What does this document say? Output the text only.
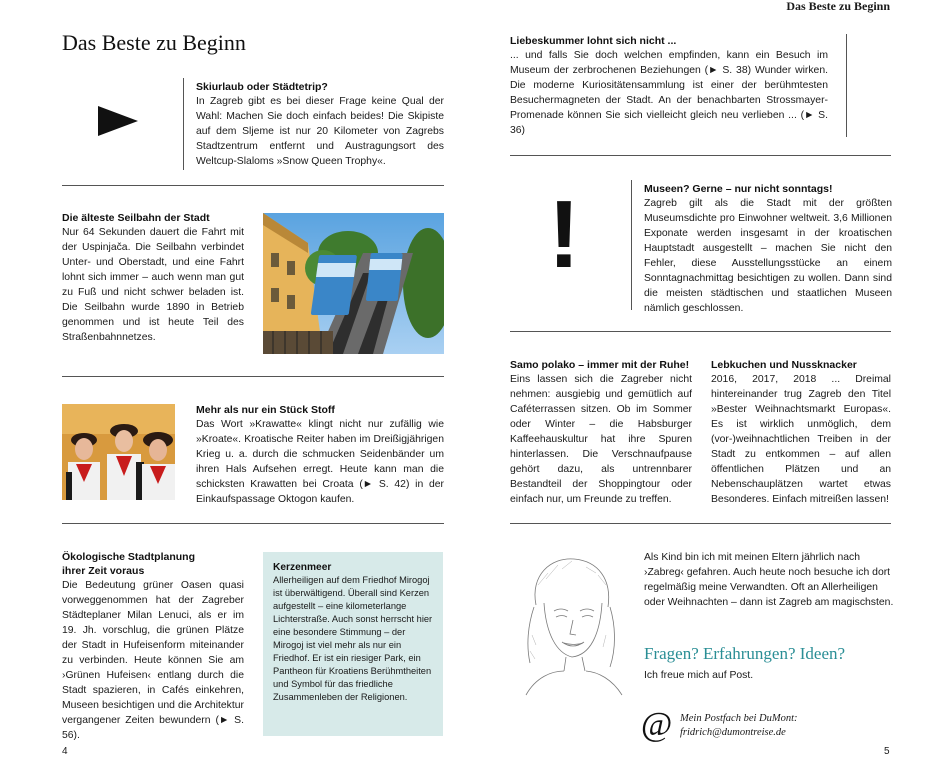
Das Beste zu Beginn
Das Beste zu Beginn
Skiurlaub oder Städtetrip?
In Zagreb gibt es bei dieser Frage keine Qual der Wahl: Machen Sie doch einfach beides! Die Skipiste auf dem Sljeme ist nur 20 Kilometer von Zagrebs Stadtzentrum entfernt und Austragungsort des Weltcup-Slaloms »Snow Queen Trophy«.
Die älteste Seilbahn der Stadt
Nur 64 Sekunden dauert die Fahrt mit der Uspinjača. Die Seilbahn verbindet Unter- und Oberstadt, und eine Fahrt lohnt sich immer – auch wenn man gut zu Fuß und nicht schwer beladen ist. Die Seilbahn wurde 1890 in Betrieb genommen und ist heute Teil des Straßenbahnnetzes.
Mehr als nur ein Stück Stoff
Das Wort »Krawatte« klingt nicht nur zufällig wie »Kroate«. Kroatische Reiter haben im Dreißigjährigen Krieg u. a. durch die schmucken Seidenbänder um ihren Hals Aufsehen erregt. Heute kann man die schicksten Krawatten bei Croata (► S. 42) in der Einkaufspassage Oktogon kaufen.
Ökologische Stadtplanung ihrer Zeit voraus
Die Bedeutung grüner Oasen quasi vorweggenommen hat der Zagreber Städteplaner Milan Lenuci, als er im 19. Jh. vorschlug, die grünen Plätze der Stadt in Hufeisenform miteinander zu verbinden. Heute können Sie am ›Grünen Hufeisen‹ entlang durch die Stadt spazieren, in Cafés einkehren, Museen besichtigen und die Architektur vergangener Zeiten bewundern (► S. 56).
Kerzenmeer
Allerheiligen auf dem Friedhof Mirogoj ist überwältigend. Überall sind Kerzen aufgestellt – eine kilometerlange Lichterstraße. Auch sonst herrscht hier eine besondere Stimmung – der Mirogoj ist viel mehr als nur ein Friedhof. Er ist ein riesiger Park, ein Pantheon für Kroatiens Berühmtheiten und Symbol für das friedliche Zusammenleben der Religionen.
4
Liebeskummer lohnt sich nicht ...
... und falls Sie doch welchen empfinden, kann ein Besuch im Museum der zerbrochenen Beziehungen (► S. 38) Wunder wirken. Die moderne Kuriositätensammlung ist einer der berühmtesten Besuchermagneten der Stadt. An der benachbarten Strossmayer-Promenade können Sie sich vielleicht gleich neu verlieben ... (► S. 36)
!	Museen? Gerne – nur nicht sonntags!
Zagreb gilt als die Stadt mit der größten Museumsdichte pro Einwohner weltweit. 3,6 Millionen Exponate werden insgesamt in der kroatischen Hauptstadt ausgestellt – machen Sie nicht den Fehler, diese Ausstellungsstücke an einem Sonntagnachmittag besichtigen zu wollen. Dann sind die meisten städtischen und staatlichen Museen nämlich geschlossen.
Samo polako – immer mit der Ruhe!
Eins lassen sich die Zagreber nicht nehmen: ausgiebig und gemütlich auf Caféterrassen sitzen. Ob im Sommer oder Winter – die Habsburger Kaffeehauskultur hat ihre Spuren hinterlassen. Die Verschnaufpause gehört dazu, als untrennbarer Bestandteil der Shoppingtour oder einfach nur, um Freunde zu treffen.
Lebkuchen und Nussknacker
2016, 2017, 2018 ... Dreimal hintereinander trug Zagreb den Titel »Bester Weihnachtsmarkt Europas«. Es ist wirklich unmöglich, dem (vor-)weihnachtlichen Treiben in der Stadt zu entkommen – auf allen öffentlichen Plätzen und an Nebenschauplätzen wartet etwas Besonderes. Einfach mitreißen lassen!
Als Kind bin ich mit meinen Eltern jährlich nach ›Zabreg‹ gefahren. Auch heute noch besuche ich dort regelmäßig meine Verwandten. Oft an Allerheiligen oder Weihnachten – dann ist Zagreb am magischsten.
Fragen? Erfahrungen? Ideen?
Ich freue mich auf Post.
@ Mein Postfach bei DuMont:
fridrich@dumontreise.de
5
